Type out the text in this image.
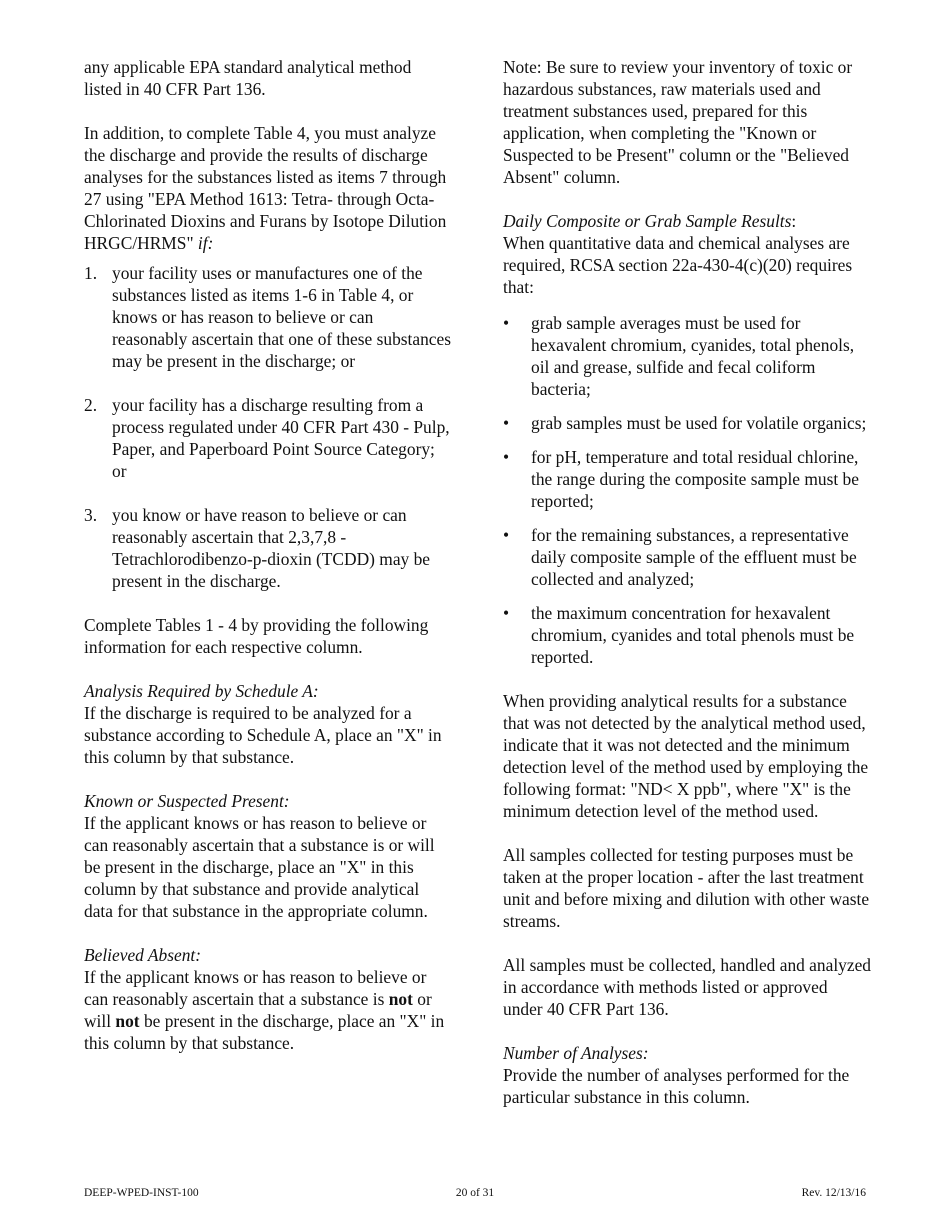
any applicable EPA standard analytical method listed in 40 CFR Part 136.

In addition, to complete Table 4, you must analyze the discharge and provide the results of discharge analyses for the substances listed as items 7 through 27 using "EPA Method 1613: Tetra- through Octa-Chlorinated Dioxins and Furans by Isotope Dilution HRGC/HRMS" if:

1. your facility uses or manufactures one of the substances listed as items 1-6 in Table 4, or knows or has reason to believe or can reasonably ascertain that one of these substances may be present in the discharge; or
2. your facility has a discharge resulting from a process regulated under 40 CFR Part 430 - Pulp, Paper, and Paperboard Point Source Category; or
3. you know or have reason to believe or can reasonably ascertain that 2,3,7,8 - Tetrachlorodibenzo-p-dioxin (TCDD) may be present in the discharge.

Complete Tables 1 - 4 by providing the following information for each respective column.

Analysis Required by Schedule A:

If the discharge is required to be analyzed for a substance according to Schedule A, place an "X" in this column by that substance.

Known or Suspected Present:

If the applicant knows or has reason to believe or can reasonably ascertain that a substance is or will be present in the discharge, place an "X" in this column by that substance and provide analytical data for that substance in the appropriate column.

Believed Absent:

If the applicant knows or has reason to believe or can reasonably ascertain that a substance is not or will not be present in the discharge, place an "X" in this column by that substance.

Note: Be sure to review your inventory of toxic or hazardous substances, raw materials used and treatment substances used, prepared for this application, when completing the "Known or Suspected to be Present" column or the "Believed Absent" column.

Daily Composite or Grab Sample Results:

When quantitative data and chemical analyses are required, RCSA section 22a-430-4(c)(20) requires that:

• grab sample averages must be used for hexavalent chromium, cyanides, total phenols, oil and grease, sulfide and fecal coliform bacteria;
• grab samples must be used for volatile organics;
• for pH, temperature and total residual chlorine, the range during the composite sample must be reported;
• for the remaining substances, a representative daily composite sample of the effluent must be collected and analyzed;
• the maximum concentration for hexavalent chromium, cyanides and total phenols must be reported.

When providing analytical results for a substance that was not detected by the analytical method used, indicate that it was not detected and the minimum detection level of the method used by employing the following format: "ND< X ppb", where "X" is the minimum detection level of the method used.

All samples collected for testing purposes must be taken at the proper location - after the last treatment unit and before mixing and dilution with other waste streams.

All samples must be collected, handled and analyzed in accordance with methods listed or approved under 40 CFR Part 136.

Number of Analyses:

Provide the number of analyses performed for the particular substance in this column.

DEEP-WPED-INST-100	20 of 31	Rev. 12/13/16
